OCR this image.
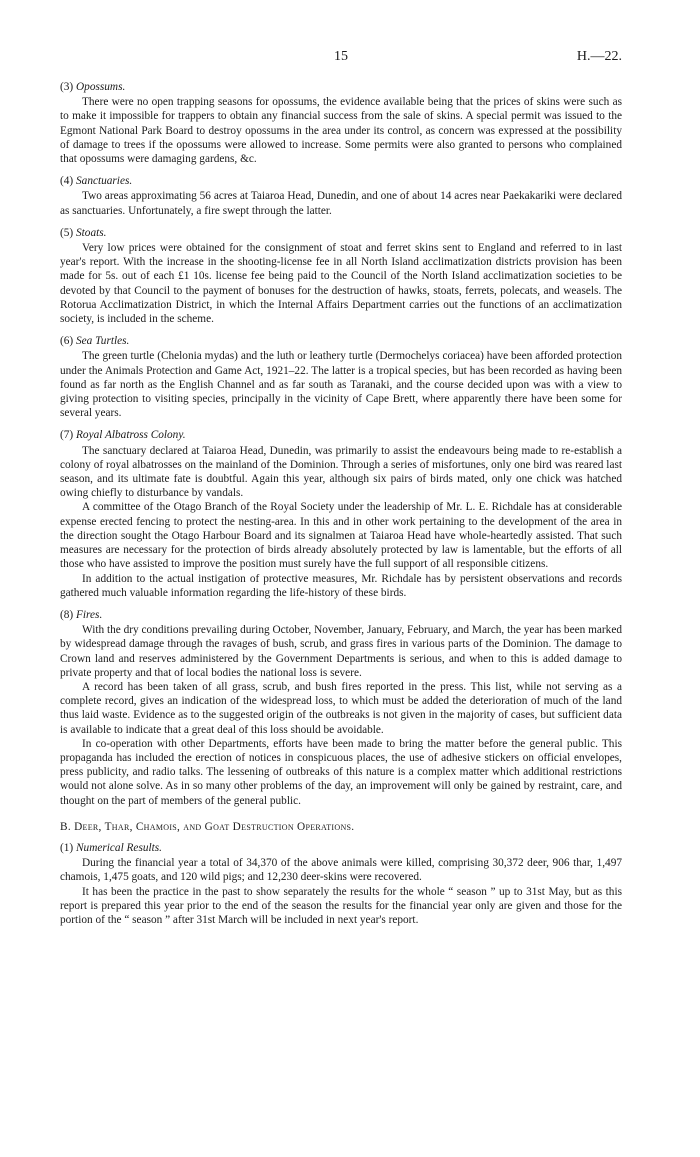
15	H.—22.
(3) Opossums.

There were no open trapping seasons for opossums, the evidence available being that the prices of skins were such as to make it impossible for trappers to obtain any financial success from the sale of skins. A special permit was issued to the Egmont National Park Board to destroy opossums in the area under its control, as concern was expressed at the possibility of damage to trees if the opossums were allowed to increase. Some permits were also granted to persons who complained that opossums were damaging gardens, &c.

(4) Sanctuaries.

Two areas approximating 56 acres at Taiaroa Head, Dunedin, and one of about 14 acres near Paekakariki were declared as sanctuaries. Unfortunately, a fire swept through the latter.

(5) Stoats.

Very low prices were obtained for the consignment of stoat and ferret skins sent to England and referred to in last year's report. With the increase in the shooting-license fee in all North Island acclimatization districts provision has been made for 5s. out of each £1 10s. license fee being paid to the Council of the North Island acclimatization societies to be devoted by that Council to the payment of bonuses for the destruction of hawks, stoats, ferrets, polecats, and weasels. The Rotorua Acclimatization District, in which the Internal Affairs Department carries out the functions of an acclimatization society, is included in the scheme.

(6) Sea Turtles.

The green turtle (Chelonia mydas) and the luth or leathery turtle (Dermochelys coriacea) have been afforded protection under the Animals Protection and Game Act, 1921–22. The latter is a tropical species, but has been recorded as having been found as far north as the English Channel and as far south as Taranaki, and the course decided upon was with a view to giving protection to visiting species, principally in the vicinity of Cape Brett, where apparently there have been some for several years.

(7) Royal Albatross Colony.

The sanctuary declared at Taiaroa Head, Dunedin, was primarily to assist the endeavours being made to re-establish a colony of royal albatrosses on the mainland of the Dominion. Through a series of misfortunes, only one bird was reared last season, and its ultimate fate is doubtful. Again this year, although six pairs of birds mated, only one chick was hatched owing chiefly to disturbance by vandals.

A committee of the Otago Branch of the Royal Society under the leadership of Mr. L. E. Richdale has at considerable expense erected fencing to protect the nesting-area. In this and in other work pertaining to the development of the area in the direction sought the Otago Harbour Board and its signalmen at Taiaroa Head have whole-heartedly assisted. That such measures are necessary for the protection of birds already absolutely protected by law is lamentable, but the efforts of all those who have assisted to improve the position must surely have the full support of all responsible citizens.

In addition to the actual instigation of protective measures, Mr. Richdale has by persistent observations and records gathered much valuable information regarding the life-history of these birds.

(8) Fires.

With the dry conditions prevailing during October, November, January, February, and March, the year has been marked by widespread damage through the ravages of bush, scrub, and grass fires in various parts of the Dominion. The damage to Crown land and reserves administered by the Government Departments is serious, and when to this is added damage to private property and that of local bodies the national loss is severe.

A record has been taken of all grass, scrub, and bush fires reported in the press. This list, while not serving as a complete record, gives an indication of the widespread loss, to which must be added the deterioration of much of the land thus laid waste. Evidence as to the suggested origin of the outbreaks is not given in the majority of cases, but sufficient data is available to indicate that a great deal of this loss should be avoidable.

In co-operation with other Departments, efforts have been made to bring the matter before the general public. This propaganda has included the erection of notices in conspicuous places, the use of adhesive stickers on official envelopes, press publicity, and radio talks. The lessening of outbreaks of this nature is a complex matter which additional restrictions would not alone solve. As in so many other problems of the day, an improvement will only be gained by restraint, care, and thought on the part of members of the general public.

B. Deer, Thar, Chamois, and Goat Destruction Operations.
(1) Numerical Results.

During the financial year a total of 34,370 of the above animals were killed, comprising 30,372 deer, 906 thar, 1,497 chamois, 1,475 goats, and 120 wild pigs; and 12,230 deer-skins were recovered.

It has been the practice in the past to show separately the results for the whole “ season ” up to 31st May, but as this report is prepared this year prior to the end of the season the results for the financial year only are given and those for the portion of the “ season ” after 31st March will be included in next year's report.
